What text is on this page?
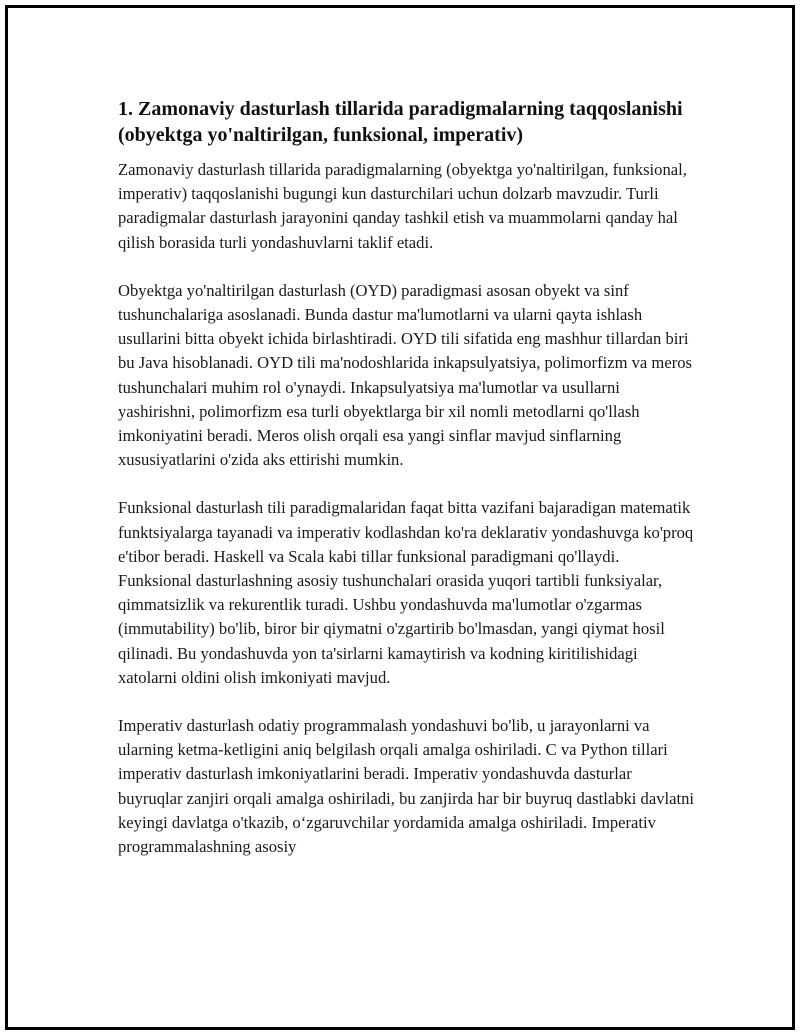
1. Zamonaviy dasturlash tillarida paradigmalarning taqqoslanishi (obyektga yo'naltirilgan, funksional, imperativ)

Zamonaviy dasturlash tillarida paradigmalarning (obyektga yo'naltirilgan, funksional, imperativ) taqqoslanishi bugungi kun dasturchilari uchun dolzarb mavzudir. Turli paradigmalar dasturlash jarayonini qanday tashkil etish va muammolarni qanday hal qilish borasida turli yondashuvlarni taklif etadi.

Obyektga yo'naltirilgan dasturlash (OYD) paradigmasi asosan obyekt va sinf tushunchalariga asoslanadi. Bunda dastur ma'lumotlarni va ularni qayta ishlash usullarini bitta obyekt ichida birlashtiradi. OYD tili sifatida eng mashhur tillardan biri bu Java hisoblanadi. OYD tili ma'nodoshlarida inkapsulyatsiya, polimorfizm va meros tushunchalari muhim rol o'ynaydi. Inkapsulyatsiya ma'lumotlar va usullarni yashirishni, polimorfizm esa turli obyektlarga bir xil nomli metodlarni qo'llash imkoniyatini beradi. Meros olish orqali esa yangi sinflar mavjud sinflarning xususiyatlarini o'zida aks ettirishi mumkin.

Funksional dasturlash tili paradigmalaridan faqat bitta vazifani bajaradigan matematik funktsiyalarga tayanadi va imperativ kodlashdan ko'ra deklarativ yondashuvga ko'proq e'tibor beradi. Haskell va Scala kabi tillar funksional paradigmani qo'llaydi. Funksional dasturlashning asosiy tushunchalari orasida yuqori tartibli funksiyalar, qimmatsizlik va rekurentlik turadi. Ushbu yondashuvda ma'lumotlar o'zgarmas (immutability) bo'lib, biror bir qiymatni o'zgartirib bo'lmasdan, yangi qiymat hosil qilinadi. Bu yondashuvda yon ta'sirlarni kamaytirish va kodning kiritilishidagi xatolarni oldini olish imkoniyati mavjud.

Imperativ dasturlash odatiy programmalash yondashuvi bo'lib, u jarayonlarni va ularning ketma-ketligini aniq belgilash orqali amalga oshiriladi. C va Python tillari imperativ dasturlash imkoniyatlarini beradi. Imperativ yondashuvda dasturlar buyruqlar zanjiri orqali amalga oshiriladi, bu zanjirda har bir buyruq dastlabki davlatni keyingi davlatga o'tkazib, o‘zgaruvchilar yordamida amalga oshiriladi. Imperativ programmalashning asosiy
